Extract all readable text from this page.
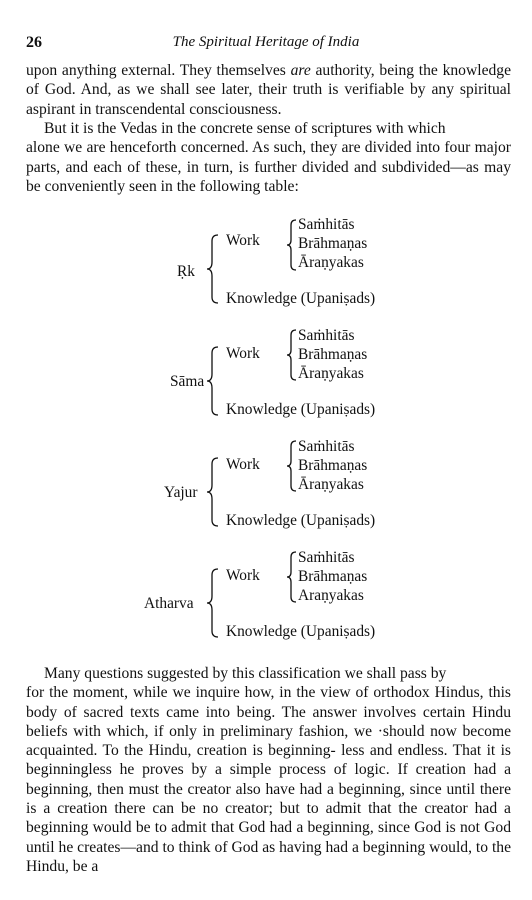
26	The Spiritual Heritage of India
upon anything external. They themselves are authority, being the knowledge of God. And, as we shall see later, their truth is verifiable by any spiritual aspirant in transcendental consciousness.
But it is the Vedas in the concrete sense of scriptures with which
alone we are henceforth concerned. As such, they are divided into four major parts, and each of these, in turn, is further divided and subdivided—as may be conveniently seen in the following table:
Ṛk
Work
Saṁhitās
Brāhmaṇas
Āraṇyakas
Knowledge (Upaniṣads)
Sāma
Work
Saṁhitās
Brāhmaṇas
Āraṇyakas
Knowledge (Upaniṣads)
Yajur
Work
Saṁhitās
Brāhmaṇas
Āraṇyakas
Knowledge (Upaniṣads)
Atharva
Work
Saṁhitās
Brāhmaṇas
Araṇyakas
Knowledge (Upaniṣads)
Many questions suggested by this classification we shall pass by
for the moment, while we inquire how, in the view of orthodox Hindus, this body of sacred texts came into being. The answer involves certain Hindu beliefs with which, if only in preliminary fashion, we ·should now become acquainted. To the Hindu, creation is beginning- less and endless. That it is beginningless he proves by a simple process of logic. If creation had a beginning, then must the creator also have had a beginning, since until there is a creation there can be no creator; but to admit that the creator had a beginning would be to admit that God had a beginning, since God is not God until he creates—and to think of God as having had a beginning would, to the Hindu, be a
